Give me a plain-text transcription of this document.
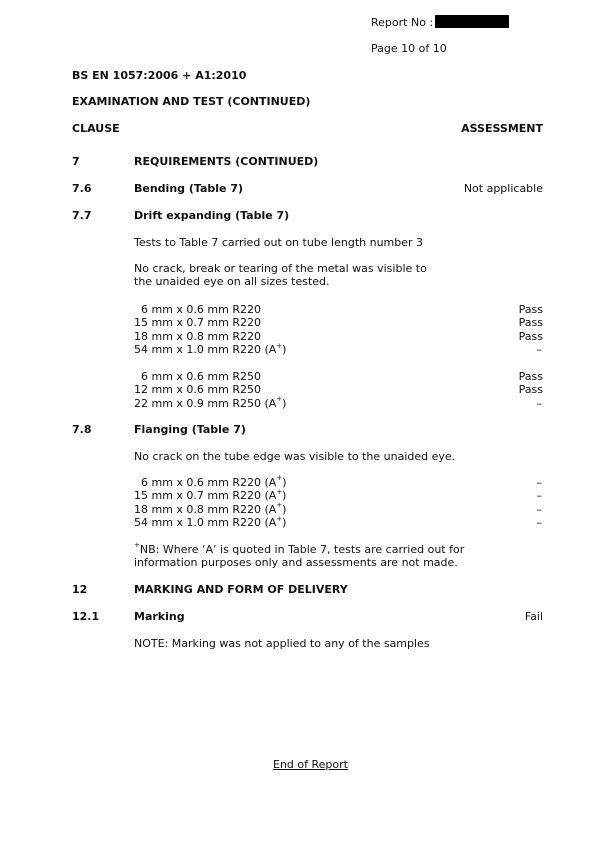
Report No :
Page 10 of 10
BS EN 1057:2006 + A1:2010
EXAMINATION AND TEST (CONTINUED)
CLAUSE	ASSESSMENT
7	REQUIREMENTS (CONTINUED)
7.6	Bending (Table 7)	Not applicable
7.7	Drift expanding (Table 7)
Tests to Table 7 carried out on tube length number 3
No crack, break or tearing of the metal was visible to
the unaided eye on all sizes tested.
6 mm x 0.6 mm R220	Pass
15 mm x 0.7 mm R220	Pass
18 mm x 0.8 mm R220	Pass
54 mm x 1.0 mm R220 (A+)	–
6 mm x 0.6 mm R250	Pass
12 mm x 0.6 mm R250	Pass
22 mm x 0.9 mm R250 (A+)	–
7.8	Flanging (Table 7)
No crack on the tube edge was visible to the unaided eye.
6 mm x 0.6 mm R220 (A+)	–
15 mm x 0.7 mm R220 (A+)	–
18 mm x 0.8 mm R220 (A+)	–
54 mm x 1.0 mm R220 (A+)	–
+NB: Where ‘A’ is quoted in Table 7, tests are carried out for
information purposes only and assessments are not made.
12	MARKING AND FORM OF DELIVERY
12.1	Marking	Fail
NOTE: Marking was not applied to any of the samples
End of Report
